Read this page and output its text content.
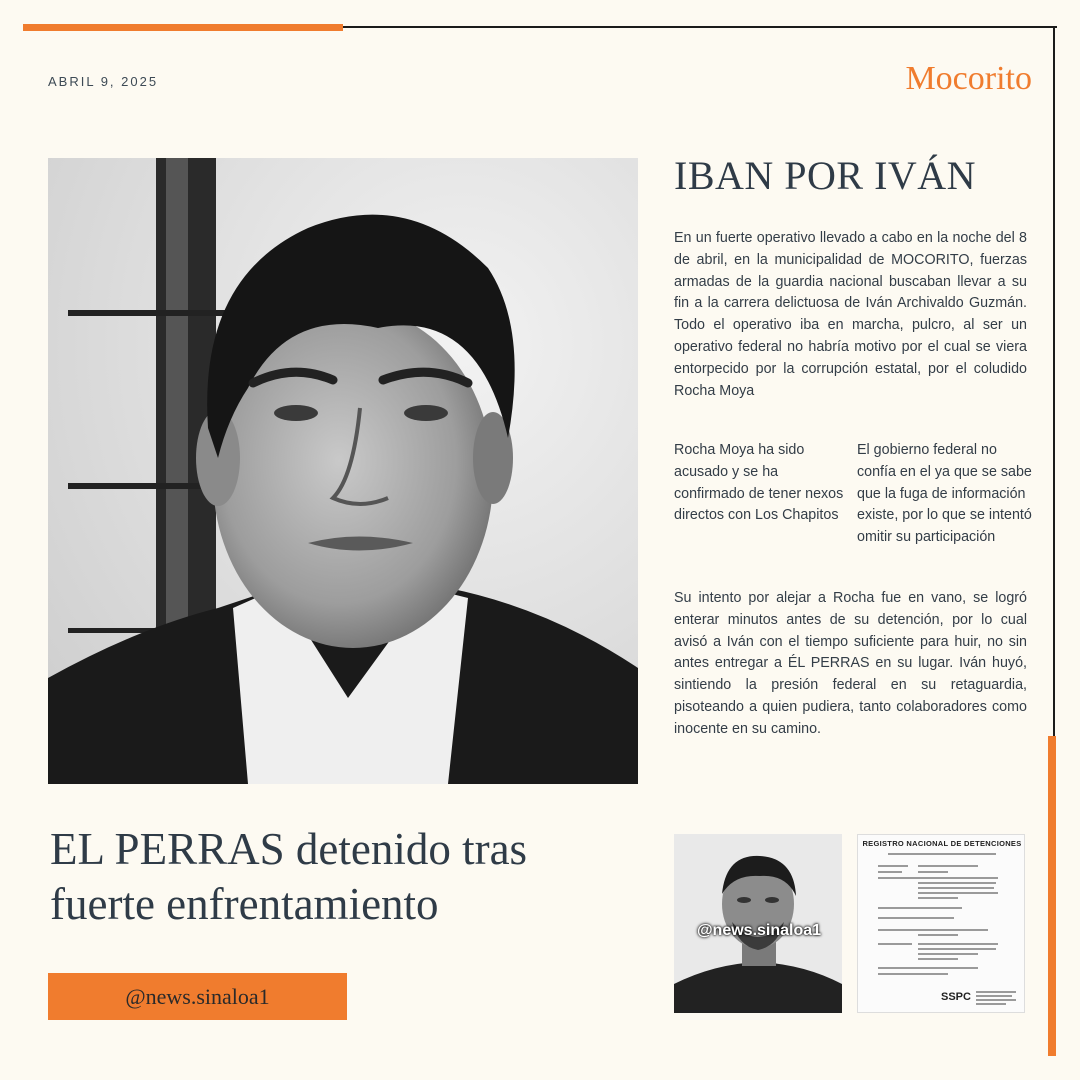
ABRIL 9, 2025	Mocorito
IBAN POR IVÁN
En un fuerte operativo llevado a cabo en la noche del 8 de abril, en la municipalidad de MOCORITO, fuerzas armadas de la guardia nacional buscaban llevar a su fin a la carrera delictuosa de Iván Archivaldo Guzmán. Todo el operativo iba en marcha, pulcro, al ser un operativo federal no habría motivo por el cual se viera entorpecido por la corrupción estatal, por el coludido Rocha Moya
Rocha Moya ha sido acusado y se ha confirmado de tener nexos directos con Los Chapitos
El gobierno federal no confía en el ya que se sabe que la fuga de información existe, por lo que se intentó omitir su participación
Su intento por alejar a Rocha fue en vano, se logró enterar minutos antes de su detención, por lo cual avisó a Iván con el tiempo suficiente para huir, no sin antes entregar a ÉL PERRAS en su lugar. Iván huyó, sintiendo la presión federal en su retaguardia, pisoteando a quien pudiera, tanto colaboradores como inocente en su camino.
EL PERRAS detenido tras fuerte enfrentamiento
@news.sinaloa1
@news.sinaloa1
REGISTRO NACIONAL DE DETENCIONES
SSPC
